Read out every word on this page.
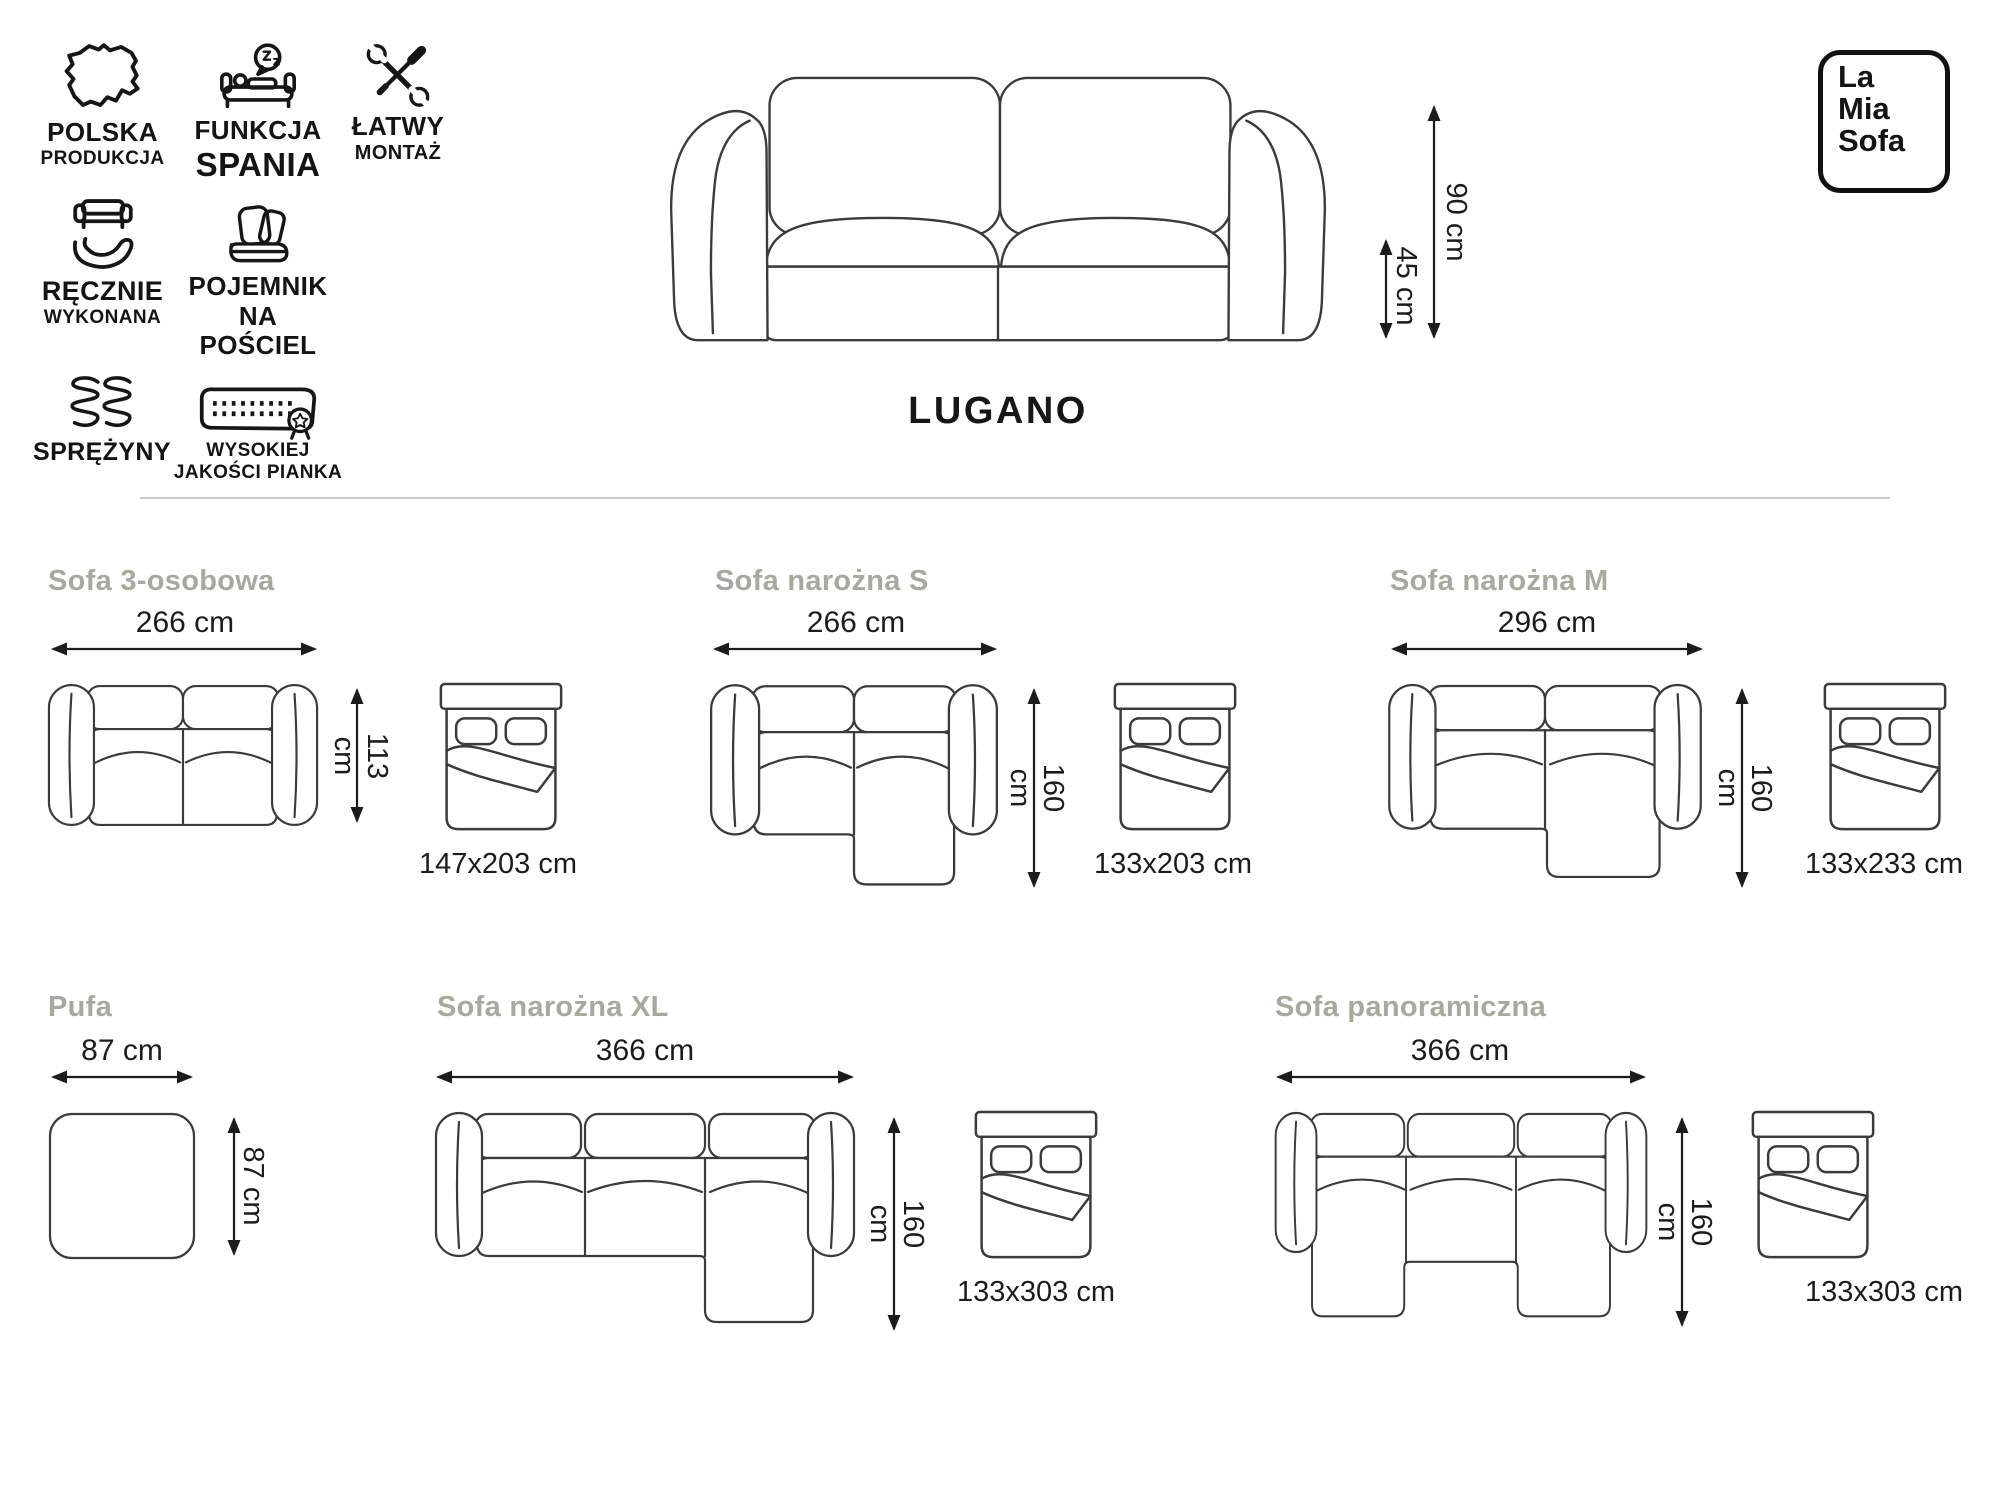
POLSKA
PRODUKCJA
FUNKCJA
SPANIA
ŁATWY
MONTAŻ
RĘCZNIE
WYKONANA
POJEMNIK
NA POŚCIEL
SPRĘŻYNY	WYSOKIEJ
JAKOŚCI PIANKA
90 cm
45 cm
LUGANO
La
Mia
Sofa
Sofa 3-osobowa
266 cm
113 cm
147x203 cm
Sofa narożna S
266 cm
160 cm
133x203 cm
Sofa narożna M
296 cm
160 cm
133x233 cm
Pufa
87 cm
87 cm
Sofa narożna XL
366 cm
160 cm
133x303 cm
Sofa panoramiczna
366 cm
160 cm
133x303 cm
